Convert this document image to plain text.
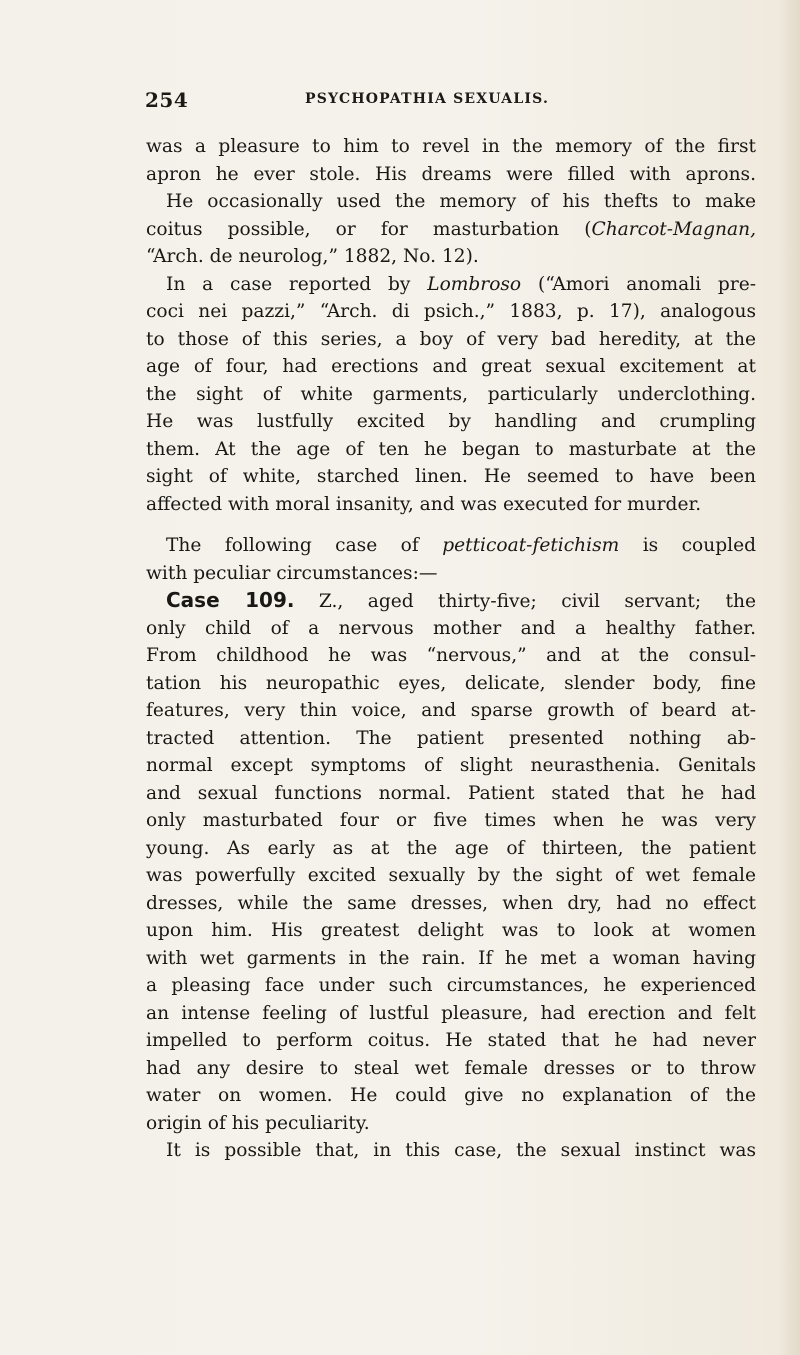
254	PSYCHOPATHIA SEXUALIS.
was a pleasure to him to revel in the memory of the first
apron he ever stole. His dreams were filled with aprons.
He occasionally used the memory of his thefts to make
coitus possible, or for masturbation (Charcot-Magnan,
“Arch. de neurolog,” 1882, No. 12).
In a case reported by Lombroso (“Amori anomali pre-
coci nei pazzi,” “Arch. di psich.,” 1883, p. 17), analogous
to those of this series, a boy of very bad heredity, at the
age of four, had erections and great sexual excitement at
the sight of white garments, particularly underclothing.
He was lustfully excited by handling and crumpling
them. At the age of ten he began to masturbate at the
sight of white, starched linen. He seemed to have been
affected with moral insanity, and was executed for murder.
The following case of petticoat-fetichism is coupled
with peculiar circumstances:—
Case 109. Z., aged thirty-five; civil servant; the
only child of a nervous mother and a healthy father.
From childhood he was “nervous,” and at the consul-
tation his neuropathic eyes, delicate, slender body, fine
features, very thin voice, and sparse growth of beard at-
tracted attention. The patient presented nothing ab-
normal except symptoms of slight neurasthenia. Genitals
and sexual functions normal. Patient stated that he had
only masturbated four or five times when he was very
young. As early as at the age of thirteen, the patient
was powerfully excited sexually by the sight of wet female
dresses, while the same dresses, when dry, had no effect
upon him. His greatest delight was to look at women
with wet garments in the rain. If he met a woman having
a pleasing face under such circumstances, he experienced
an intense feeling of lustful pleasure, had erection and felt
impelled to perform coitus. He stated that he had never
had any desire to steal wet female dresses or to throw
water on women. He could give no explanation of the
origin of his peculiarity.
It is possible that, in this case, the sexual instinct was
